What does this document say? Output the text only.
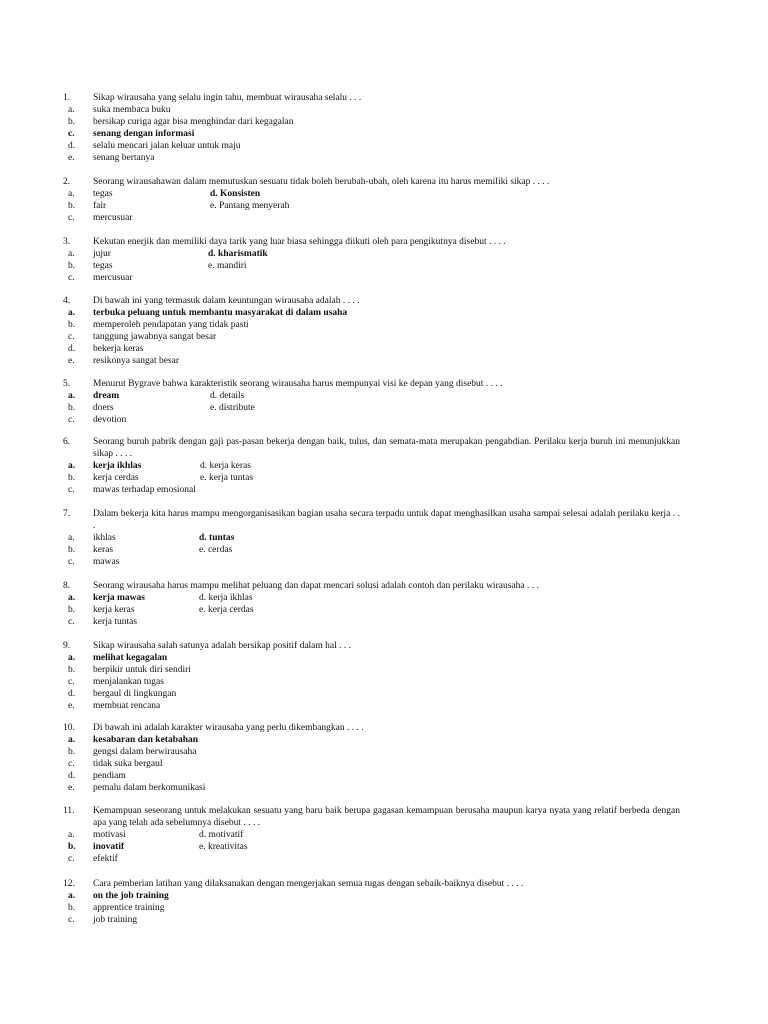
1. Sikap wirausaha yang selalu ingin tahu, membuat wirausaha selalu . . .
a. suka membaca buku
b. bersikap curiga agar bisa menghindar dari kegagalan
c. senang dengan informasi
d. selalu mencari jalan keluar untuk maju
e. senang bertanya
2. Seorang wirausahawan dalam memutuskan sesuatu tidak boleh berubah-ubah, oleh karena itu harus memiliki sikap . . . .
a. tegas	d. Konsisten
b. fair	e. Pantang menyerah
c. mercusuar
3. Kekutan enerjik dan memiliki daya tarik yang luar biasa sehingga diikuti oleh para pengikutnya disebut . . . .
a. jujur	d. kharismatik
b. tegas	e. mandiri
c. mercusuar
4. Di bawah ini yang termasuk dalam keuntungan wirausaha adalah . . . .
a. terbuka peluang untuk membantu masyarakat di dalam usaha
b. memperoleh pendapatan yang tidak pasti
c. tanggung jawabnya sangat besar
d. bekerja keras
e. resikonya sangat besar
5. Menurut Bygrave bahwa karakteristik seorang wirausaha harus mempunyai visi ke depan yang disebut . . . .
a. dream	d. details
b. doers	e. distribute
c. devotion
6. Seorang buruh pabrik dengan gaji pas-pasan bekerja dengan baik, tulus, dan semata-mata merupakan pengabdian. Perilaku kerja buruh ini menunjukkan sikap . . . .
a. kerja ikhlas	d. kerja keras
b. kerja cerdas	e. kerja tuntas
c. mawas terhadap emosional
7. Dalam bekerja kita harus mampu mengorganisasikan bagian usaha secara terpadu untuk dapat menghasilkan usaha sampai selesai adalah perilaku kerja . . .
a. ikhlas	d. tuntas
b. keras	e. cerdas
c. mawas
8. Seorang wirausaha harus mampu melihat peluang dan dapat mencari solusi adalah contoh dan perilaku wirausaha . . .
a. kerja mawas	d. kerja ikhlas
b. kerja keras	e. kerja cerdas
c. kerja tuntas
9. Sikap wirausaha salah satunya adalah bersikap positif dalam hal . . .
a. melihat kegagalan
b. berpikir untuk diri sendiri
c. menjalankan tugas
d. bergaul di lingkungan
e. membuat rencana
10. Di bawah ini adalah karakter wirausaha yang perlu dikembangkan . . . .
a. kesabaran dan ketabahan
b. gengsi dalam berwirausaha
c. tidak suka bergaul
d. pendiam
e. pemalu dalam berkomunikasi
11. Kemampuan seseorang untuk melakukan sesuatu yang baru baik berupa gagasan kemampuan berusaha maupun karya nyata yang relatif berbeda dengan apa yang telah ada sebelumnya disebut . . . .
a. motivasi	d. motivatif
b. inovatif	e. kreativitas
c. efektif
12. Cara pemberian latihan yang dilaksanakan dengan mengerjakan semua tugas dengan sebaik-baiknya disebut . . . .
a. on the job training
b. apprentice training
c. job training
